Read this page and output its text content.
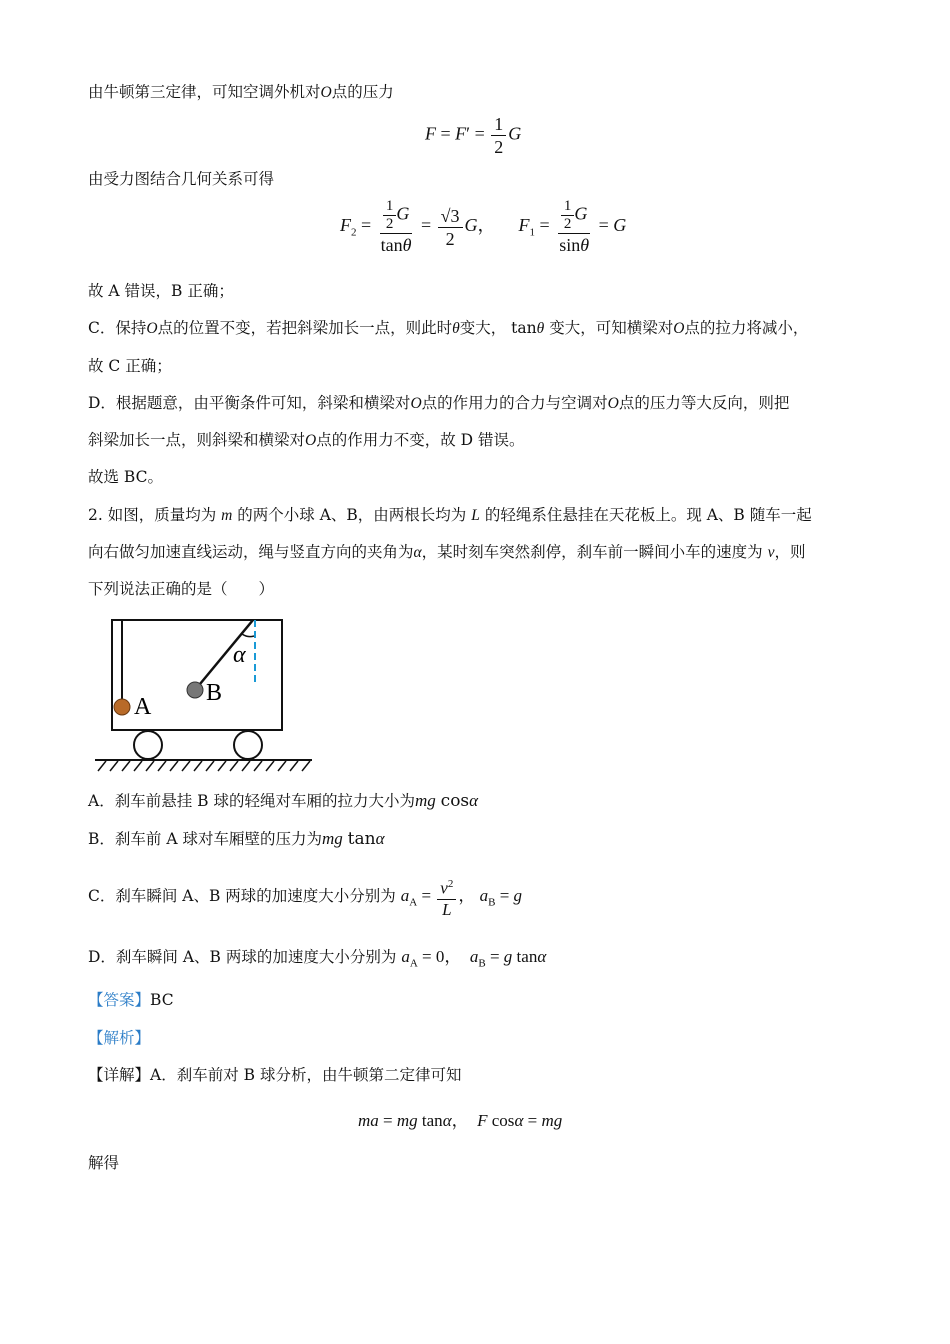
由牛顿第三定律，可知空调外机对O点的压力
$F = F' = \frac{1}{2}$ G
由受力图结合几何关系可得
$F_2 = \frac{\frac{1}{2} G}{\tan\theta} = \frac{√3}{2}$ G，  $F_1 = \frac{\frac{1}{2} G}{\sin\theta} = G$
故 A 错误，B 正确；
C．保持O点的位置不变，若把斜梁加长一点，则此时θ变大， tanθ 变大，可知横梁对O点的拉力将减小，
故 C 正确；
D．根据题意，由平衡条件可知，斜梁和横梁对O点的作用力的合力与空调对O点的压力等大反向，则把
斜梁加长一点，则斜梁和横梁对O点的作用力不变，故 D 错误。
故选 BC。
2. 如图，质量均为 m 的两个小球 A、B，由两根长均为 L 的轻绳系住悬挂在天花板上。现 A、B 随车一起
向右做匀加速直线运动，绳与竖直方向的夹角为α，某时刻车突然刹停，刹车前一瞬间小车的速度为 v，则
下列说法正确的是（　　）
A
B
α
A．刹车前悬挂 B 球的轻绳对车厢的拉力大小为mg cosα
B．刹车前 A 球对车厢壁的压力为mg tanα
C．刹车瞬间 A、B 两球的加速度大小分别为 $a_A = \frac{v^2}{L}$ ， $a_B = g$
D．刹车瞬间 A、B 两球的加速度大小分别为 $a_A = 0$，  $a_B = g$ tanα
【答案】BC
【解析】
【详解】A．刹车前对 B 球分析，由牛顿第二定律可知
ma = mg tanα，  F cosα = mg
解得
